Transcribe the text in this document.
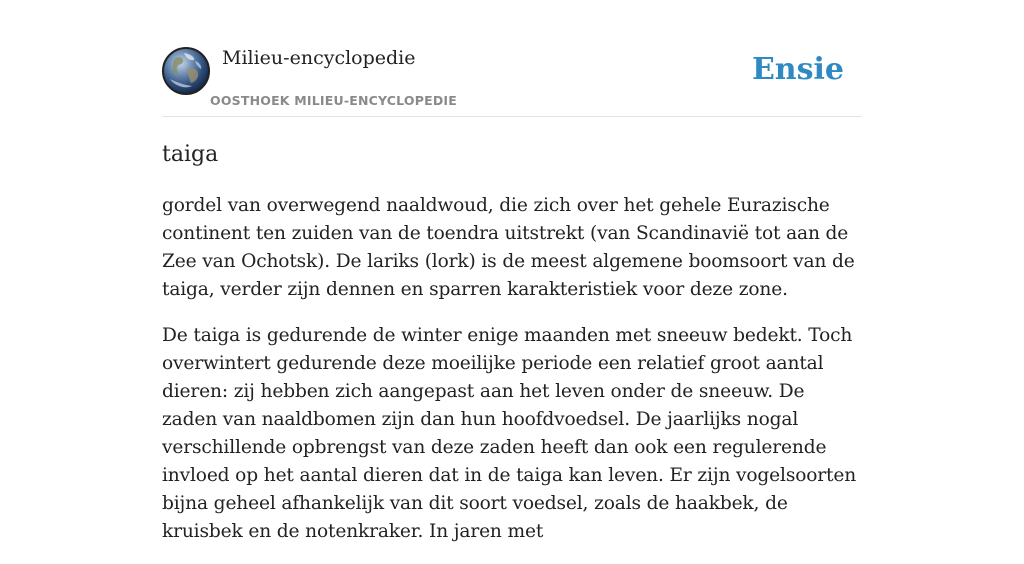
Milieu-encyclopedie
OOSTHOEK MILIEU-ENCYCLOPEDIE
Ensie
taiga

gordel van overwegend naaldwoud, die zich over het gehele Eurazische continent ten zuiden van de toendra uitstrekt (van Scandinavië tot aan de Zee van Ochotsk). De lariks (lork) is de meest algemene boomsoort van de taiga, verder zijn dennen en sparren karakteristiek voor deze zone.

De taiga is gedurende de winter enige maanden met sneeuw bedekt. Toch overwintert gedurende deze moeilijke periode een relatief groot aantal dieren: zij hebben zich aangepast aan het leven onder de sneeuw. De zaden van naaldbomen zijn dan hun hoofdvoedsel. De jaarlijks nogal verschillende opbrengst van deze zaden heeft dan ook een regulerende invloed op het aantal dieren dat in de taiga kan leven. Er zijn vogelsoorten bijna geheel afhankelijk van dit soort voedsel, zoals de haakbek, de kruisbek en de notenkraker. In jaren met
